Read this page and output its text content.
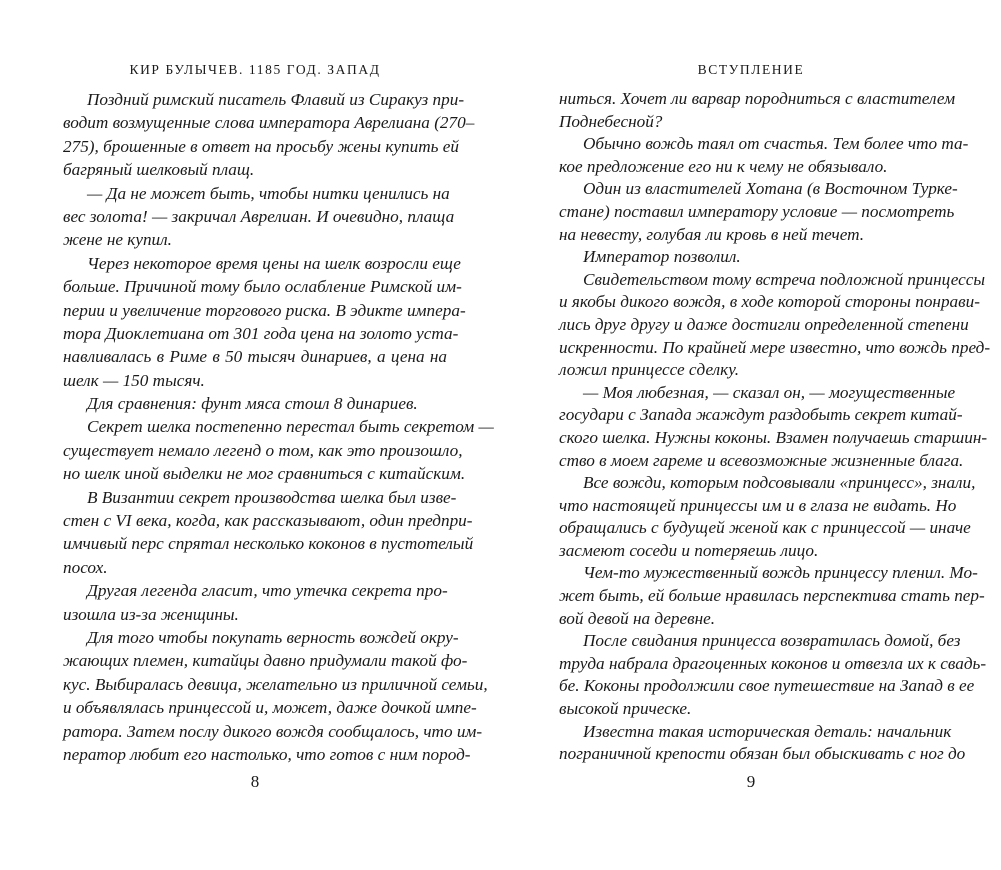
КИР БУЛЫЧЕВ. 1185 ГОД. ЗАПАД
Поздний римский писатель Флавий из Сиракуз при-
водит возмущенные слова императора Аврелиана (270–
275), брошенные в ответ на просьбу жены купить ей
багряный шелковый плащ.
— Да не может быть, чтобы нитки ценились на
вес золота! — закричал Аврелиан. И очевидно, плаща
жене не купил.
Через некоторое время цены на шелк возросли еще
больше. Причиной тому было ослабление Римской им-
перии и увеличение торгового риска. В эдикте импера-
тора Диоклетиана от 301 года цена на золото уста-
навливалась в Риме в 50 тысяч динариев, а цена на
шелк — 150 тысяч.
Для сравнения: фунт мяса стоил 8 динариев.
Секрет шелка постепенно перестал быть секретом —
существует немало легенд о том, как это произошло,
но шелк иной выделки не мог сравниться с китайским.
В Византии секрет производства шелка был изве-
стен с VI века, когда, как рассказывают, один предпри-
имчивый перс спрятал несколько коконов в пустотелый
посох.
Другая легенда гласит, что утечка секрета про-
изошла из-за женщины.
Для того чтобы покупать верность вождей окру-
жающих племен, китайцы давно придумали такой фо-
кус. Выбиралась девица, желательно из приличной семьи,
и объявлялась принцессой и, может, даже дочкой импе-
ратора. Затем послу дикого вождя сообщалось, что им-
ператор любит его настолько, что готов с ним пород-
8
ВСТУПЛЕНИЕ
ниться. Хочет ли варвар породниться с властителем
Поднебесной?
Обычно вождь таял от счастья. Тем более что та-
кое предложение его ни к чему не обязывало.
Один из властителей Хотана (в Восточном Турке-
стане) поставил императору условие — посмотреть
на невесту, голубая ли кровь в ней течет.
Император позволил.
Свидетельством тому встреча подложной принцессы
и якобы дикого вождя, в ходе которой стороны понрави-
лись друг другу и даже достигли определенной степени
искренности. По крайней мере известно, что вождь пред-
ложил принцессе сделку.
— Моя любезная, — сказал он, — могущественные
государи с Запада жаждут раздобыть секрет китай-
ского шелка. Нужны коконы. Взамен получаешь старшин-
ство в моем гареме и всевозможные жизненные блага.
Все вожди, которым подсовывали «принцесс», знали,
что настоящей принцессы им и в глаза не видать. Но
обращались с будущей женой как с принцессой — иначе
засмеют соседи и потеряешь лицо.
Чем-то мужественный вождь принцессу пленил. Мо-
жет быть, ей больше нравилась перспектива стать пер-
вой девой на деревне.
После свидания принцесса возвратилась домой, без
труда набрала драгоценных коконов и отвезла их к свадь-
бе. Коконы продолжили свое путешествие на Запад в ее
высокой прическе.
Известна такая историческая деталь: начальник
пограничной крепости обязан был обыскивать с ног до
9
